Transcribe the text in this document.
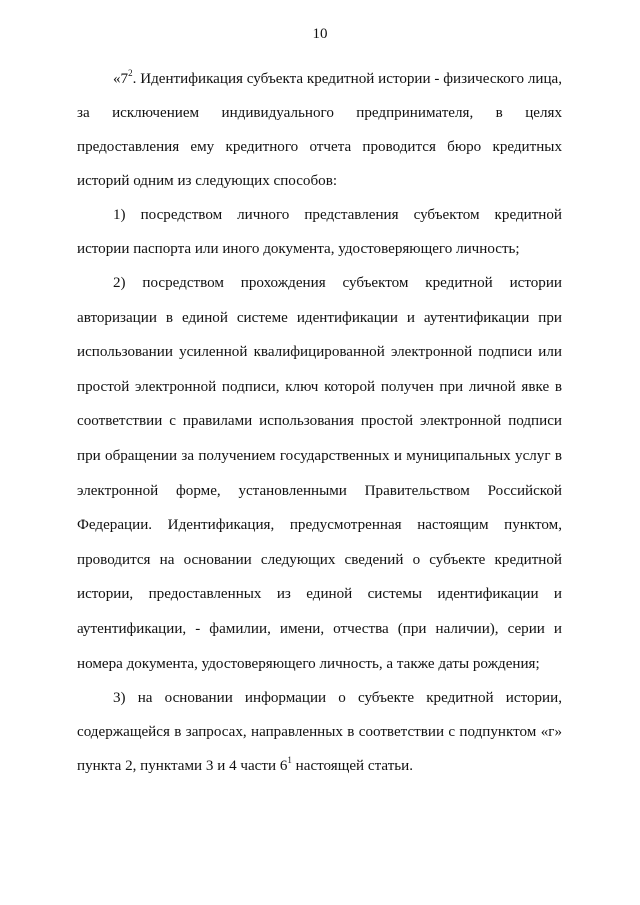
10

«$7^2$. Идентификация субъекта кредитной истории - физического лица, за исключением индивидуального предпринимателя, в целях предоставления ему кредитного отчета проводится бюро кредитных историй одним из следующих способов:

1) посредством личного представления субъектом кредитной истории паспорта или иного документа, удостоверяющего личность;

2) посредством прохождения субъектом кредитной истории авторизации в единой системе идентификации и аутентификации при использовании усиленной квалифицированной электронной подписи или простой электронной подписи, ключ которой получен при личной явке в соответствии с правилами использования простой электронной подписи при обращении за получением государственных и муниципальных услуг в электронной форме, установленными Правительством Российской Федерации. Идентификация, предусмотренная настоящим пунктом, проводится на основании следующих сведений о субъекте кредитной истории, предоставленных из единой системы идентификации и аутентификации, - фамилии, имени, отчества (при наличии), серии и номера документа, удостоверяющего личность, а также даты рождения;

3) на основании информации о субъекте кредитной истории, содержащейся в запросах, направленных в соответствии с подпунктом «г» пункта 2, пунктами 3 и 4 части $6^1$ настоящей статьи.
